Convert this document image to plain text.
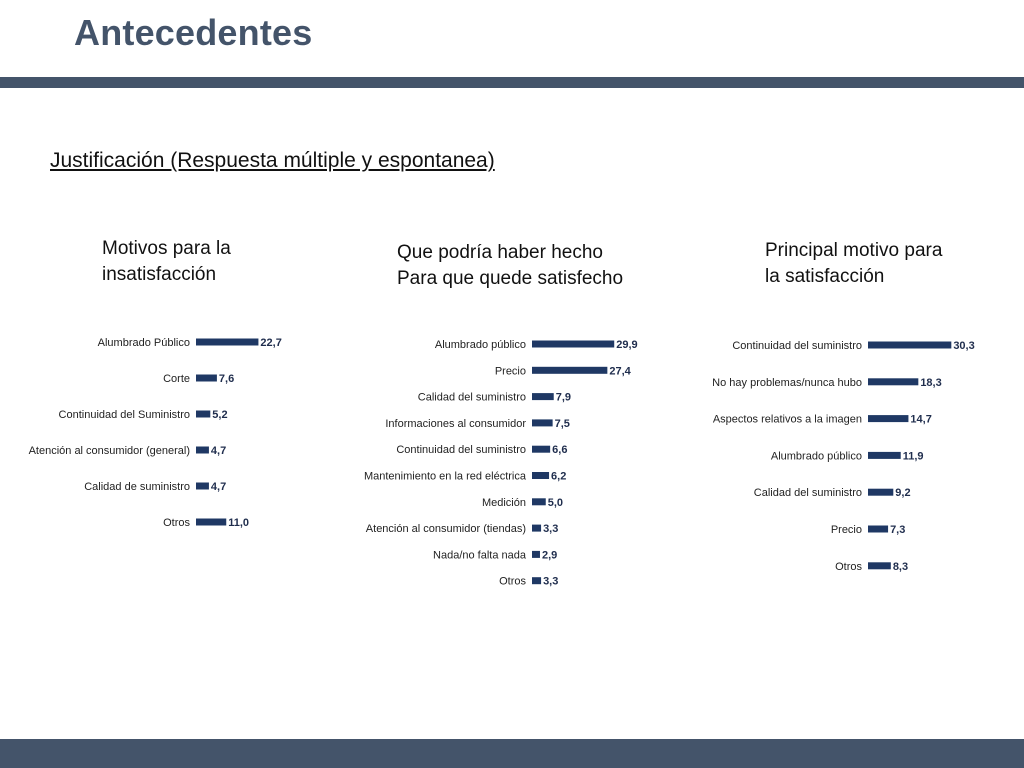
Antecedentes
Justificación (Respuesta múltiple y espontanea)
Motivos para la
insatisfacción
Que podría haber hecho
Para que quede satisfecho
Principal motivo para
la satisfacción
Alumbrado Público	22,7
Corte	7,6
Continuidad del Suministro 5,2
Atención al consumidor (general) 4,7
Calidad de suministro 4,7
Otros	11,0
Alumbrado público	29,9
Precio	27,4
Calidad del suministro	7,9
Informaciones al consumidor	7,5
Continuidad del suministro 6,6
Mantenimiento en la red eléctrica 6,2
Medición 5,0
Atención al consumidor (tiendas) 3,3
Nada/no falta nada 2,9
Otros 3,3
Continuidad del suministro	30,3
No hay problemas/nunca hubo	18,3
Aspectos relativos a la imagen	14,7
Alumbrado público	11,9
Calidad del suministro	9,2
Precio	7,3
Otros	8,3
